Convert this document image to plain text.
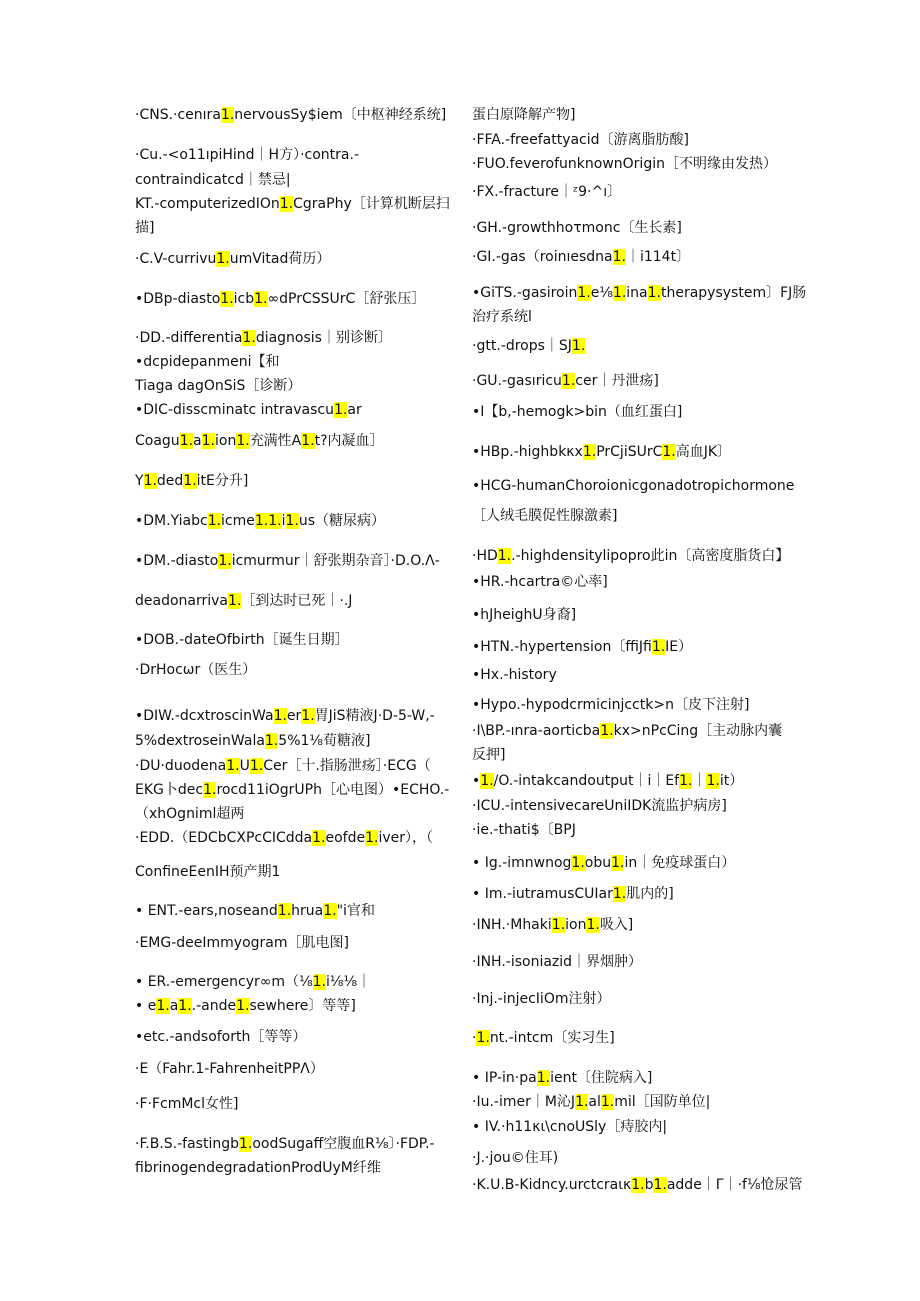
·CNS.·cenıra1.nervousSy$iem〔中枢神经系统]
·Cu.-<o11ıpiHind｜H方）·contra.-
contraindicatcd｜禁忌|
KT.-computerizedIOn1.CgraPhy［计算机断层扫
描]
·C.V-currivu1.umVitad荷历）
•DBp-diasto1.icb1.∞dPrCSSUrC［舒张压］
·DD.-differentia1.diagnosis｜别诊断〕
•dcpidepanmeni【和
Tiaga dagOnSiS［诊断）
•DIC-disscminatc intravascu1.ar
Coagu1.a1.ion1.充满性A1.t?内凝血］
Y1.ded1.itE分升]
•DM.Yiabc1.icme1.1.i1.us（糖尿病）
•DM.-diasto1.icmurmur｜舒张期杂音］·D.O.Λ-
deadonarriva1.［到达时已死｜·.J
•DOB.-dateOfbirth［诞生日期］
·DrHocωr（医生）
•DIW.-dcxtroscinWa1.er1.胃JiS精液J·D-5-W,-
5%dextroseinWala1.5%1⅛荀糖液]
·DU·duodena1.U1.Cer［十.指肠泄疡］·ECG（
EKG卜dec1.rocd11iOgrUPh［心电图）•ECHO.-
（xhOgniml超两
·EDD.（EDCbCXPcCICdda1.eofde1.iver），（
ConfineEenIH预产期1
• ENT.-ears,noseand1.hrua1."i官和
·EMG-deeImmyogram［肌电图]
• ER.-emergencyr∞m（⅛1.i⅛⅛｜
• e1.a1..-ande1.sewhere〕等等]
•etc.-andsoforth［等等）
·E（Fahr.1-FahrenheitPPΛ）
·F·FcmMcl女性]
·F.B.S.-fastingb1.oodSugaff空腹血R⅛〕·FDP.-
fibrinogendegradationProdUyM纤维
蛋白原降解产物]
·FFA.-freefattyacid〔游离脂肪酸]
·FUO.feverofunknownOrigin［不明缘由发热）
·FX.-fracture｜ᶻ9·^ı〕
·GH.-growthhoτmonc〔生长素]
·GI.-gas（roinıesdna1.｜i114t〕
•GiTS.-gasiroin1.e⅛1.ina1.therapysystem〕FJ肠
治疗系统l
·gtt.-drops｜SJ1.
·GU.-gasıricu1.cer｜丹泄疡]
•I【b,-hemogk>bin（血红蛋白]
•HBp.-highbkκx1.PrCjiSUrC1.高血JK〕
•HCG-humanChoroionicgonadotropichormone
［人绒毛膜促性腺激素]
·HD1..-highdensitylipopro此in〔高密度脂货白】
•HR.-hcartra©心率]
•hJheighU身裔]
•HTN.-hypertension〔ffiJfi1.IE）
•Hx.-history
•Hypo.-hypodcrmicinjcctk>n〔皮下注射]
·I\BP.-ınra-aorticba1.kx>nPcCing［主动脉内囊
反押]
•1./O.-intakcandoutput｜i｜Ef1.｜1.it）
·ICU.-intensivecareUniIDK流监护病房]
·ie.-thati$〔BPJ
• Ig.-imnwnog1.obu1.in｜免疫球蛋白）
• Im.-iutramusCUIar1.肌内的]
·INH.·Mhaki1.ion1.吸入]
·INH.-isoniazid｜界烟肿）
·Inj.-injecIiOm注射）
·1.nt.-intcm〔实习生]
• IP-in·pa1.ient〔住院病入]
·Iu.-imer｜M沁J1.al1.mil［国防单位|
• IV.·h11κι\cnoUSly［痔胶内|
·J.·jou©住耳)
·K.U.B-Kidncy.urctcraικ1.b1.adde｜Γ｜·f⅛怆尿管
